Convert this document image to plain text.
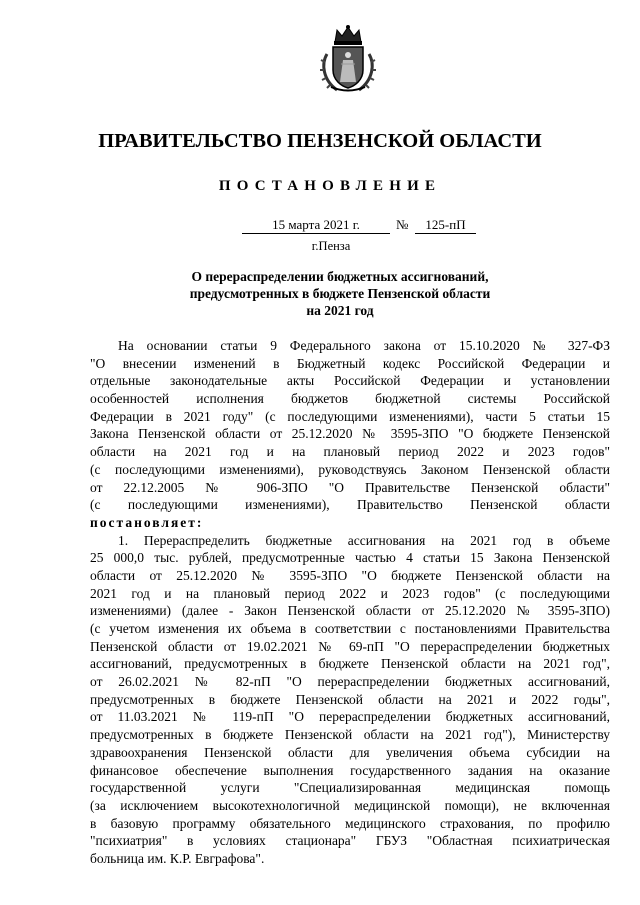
ПРАВИТЕЛЬСТВО ПЕНЗЕНСКОЙ ОБЛАСТИ
ПОСТАНОВЛЕНИЕ
15 марта 2021 г.	№	125-пП
г.Пенза
О перераспределении бюджетных ассигнований,
предусмотренных в бюджете Пензенской области
на 2021 год
На основании статьи 9 Федерального закона от 15.10.2020 № 327-ФЗ
"О внесении изменений в Бюджетный кодекс Российской Федерации и
отдельные законодательные акты Российской Федерации и установлении
особенностей исполнения бюджетов бюджетной системы Российской
Федерации в 2021 году" (с последующими изменениями), части 5 статьи 15
Закона Пензенской области от 25.12.2020 № 3595-ЗПО "О бюджете Пензенской
области на 2021 год и на плановый период 2022 и 2023 годов"
(с последующими изменениями), руководствуясь Законом Пензенской области
от 22.12.2005 № 906-ЗПО "О Правительстве Пензенской области"
(с последующими изменениями), Правительство Пензенской области
постановляет:
1. Перераспределить бюджетные ассигнования на 2021 год в объеме
25 000,0 тыс. рублей, предусмотренные частью 4 статьи 15 Закона Пензенской
области от 25.12.2020 № 3595-ЗПО "О бюджете Пензенской области на
2021 год и на плановый период 2022 и 2023 годов" (с последующими
изменениями) (далее - Закон Пензенской области от 25.12.2020 № 3595-ЗПО)
(с учетом изменения их объема в соответствии с постановлениями Правительства
Пензенской области от 19.02.2021 № 69-пП "О перераспределении бюджетных
ассигнований, предусмотренных в бюджете Пензенской области на 2021 год",
от 26.02.2021 № 82-пП "О перераспределении бюджетных ассигнований,
предусмотренных в бюджете Пензенской области на 2021 и 2022 годы",
от 11.03.2021 № 119-пП "О перераспределении бюджетных ассигнований,
предусмотренных в бюджете Пензенской области на 2021 год"), Министерству
здравоохранения Пензенской области для увеличения объема субсидии на
финансовое обеспечение выполнения государственного задания на оказание
государственной услуги "Специализированная медицинская помощь
(за исключением высокотехнологичной медицинской помощи), не включенная
в базовую программу обязательного медицинского страхования, по профилю
"психиатрия" в условиях стационара" ГБУЗ "Областная психиатрическая
больница им. К.Р. Евграфова".
